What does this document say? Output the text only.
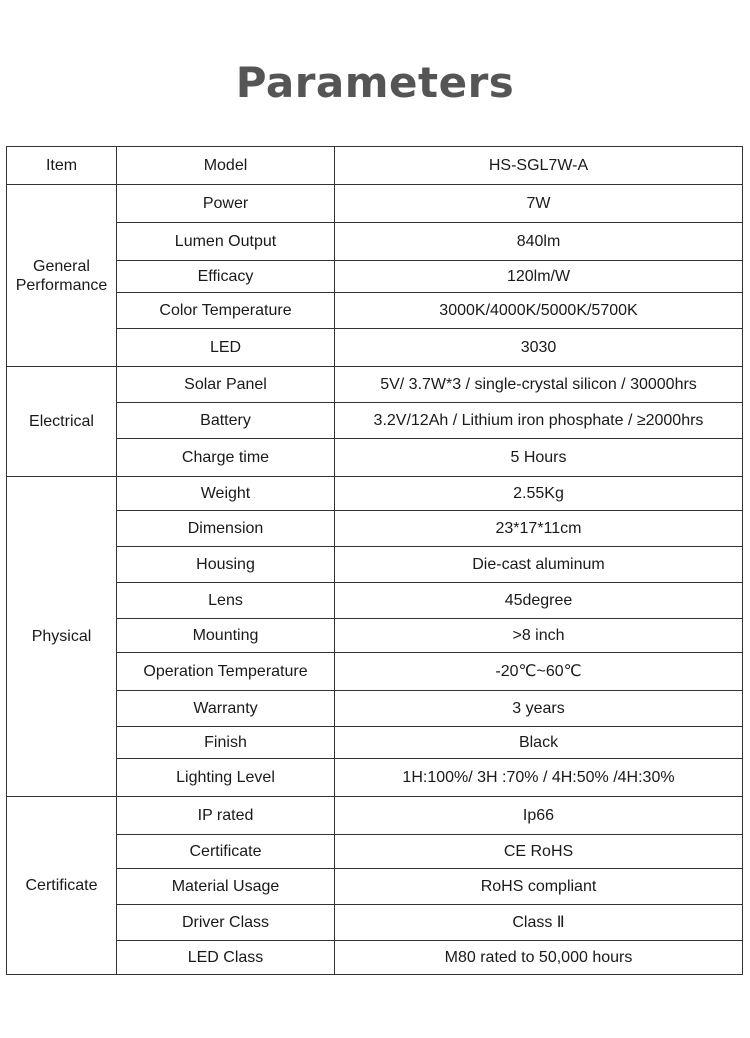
Parameters
Item	Model	HS-SGL7W-A
General Performance	Power	7W
	Lumen Output	840lm
	Efficacy	120lm/W
	Color Temperature	3000K/4000K/5000K/5700K
	LED	3030
Electrical	Solar Panel	5V/ 3.7W*3 / single-crystal silicon / 30000hrs
	Battery	3.2V/12Ah / Lithium iron phosphate / ≥2000hrs
	Charge time	5 Hours
Physical	Weight	2.55Kg
	Dimension	23*17*11cm
	Housing	Die-cast aluminum
	Lens	45degree
	Mounting	>8 inch
	Operation Temperature	-20℃~60℃
	Warranty	3 years
	Finish	Black
	Lighting Level	1H:100%/ 3H :70% / 4H:50% /4H:30%
Certificate	IP rated	Ip66
	Certificate	CE RoHS
	Material Usage	RoHS compliant
	Driver Class	Class Ⅱ
	LED Class	M80 rated to 50,000 hours
